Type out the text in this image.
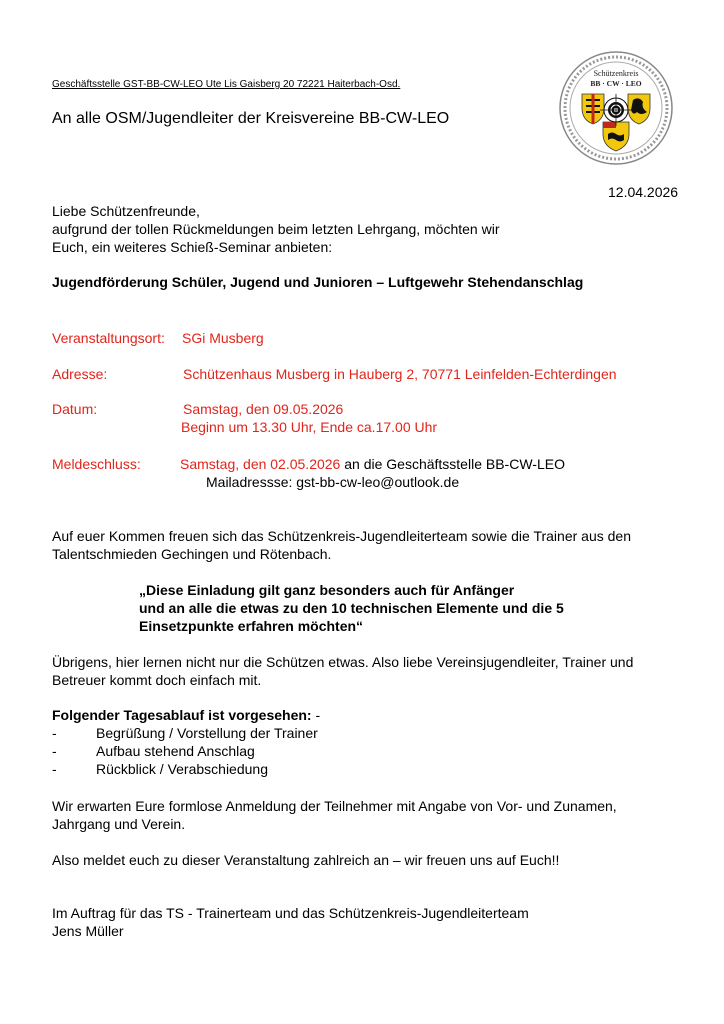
Geschäftsstelle GST-BB-CW-LEO Ute Lis Gaisberg 20 72221 Haiterbach-Osd.
An alle OSM/Jugendleiter der Kreisvereine BB-CW-LEO
Schützenkreis
BB · CW · LEO
12.04.2026
Liebe Schützenfreunde,
aufgrund der tollen Rückmeldungen beim letzten Lehrgang, möchten wir
Euch, ein weiteres Schieß-Seminar anbieten:
Jugendförderung Schüler, Jugend und Junioren – Luftgewehr Stehendanschlag
Veranstaltungsort: SGi Musberg
Adresse:	Schützenhaus Musberg in Hauberg 2, 70771 Leinfelden-Echterdingen
Datum:	Samstag, den 09.05.2026
Beginn um 13.30 Uhr, Ende ca.17.00 Uhr
Meldeschluss:	Samstag, den 02.05.2026 an die Geschäftsstelle BB-CW-LEO
Mailadressse: gst-bb-cw-leo@outlook.de
Auf euer Kommen freuen sich das Schützenkreis-Jugendleiterteam sowie die Trainer aus den
Talentschmieden Gechingen und Rötenbach.
„Diese Einladung gilt ganz besonders auch für Anfänger
und an alle die etwas zu den 10 technischen Elemente und die 5
Einsetzpunkte erfahren möchten“
Übrigens, hier lernen nicht nur die Schützen etwas. Also liebe Vereinsjugendleiter, Trainer und
Betreuer kommt doch einfach mit.
Folgender Tagesablauf ist vorgesehen: -
-	Begrüßung / Vorstellung der Trainer
-	Aufbau stehend Anschlag
-	Rückblick / Verabschiedung
Wir erwarten Eure formlose Anmeldung der Teilnehmer mit Angabe von Vor- und Zunamen,
Jahrgang und Verein.
Also meldet euch zu dieser Veranstaltung zahlreich an – wir freuen uns auf Euch!!
Im Auftrag für das TS - Trainerteam und das Schützenkreis-Jugendleiterteam
Jens Müller
